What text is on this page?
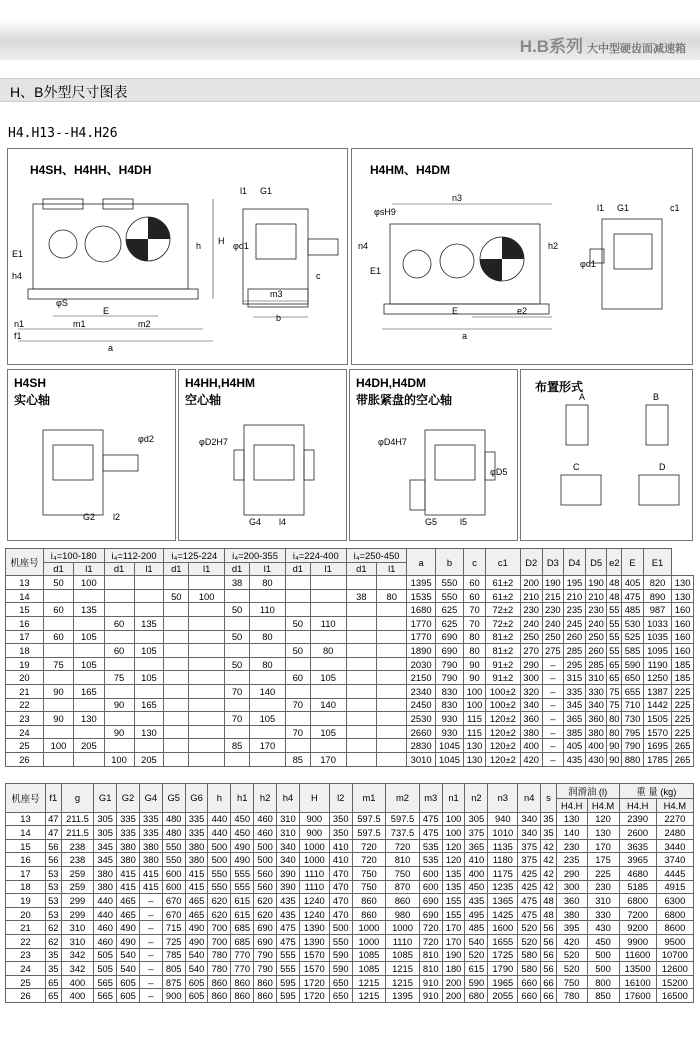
H.B系列 大中型硬齿面减速箱
H、B外型尺寸图表
H4.H13--H4.H26
H4SH、H4HH、H4DH
l1 G1
H
h
E1
h4
φS
φd1
c
m3
b
n1
f1
m1	m2
E
a
H4HM、H4DM
n3
φsH9
n4	h2
E1
φd1
a
E	e2
l1 G1	c1
H4SH
实心轴
φd2
G2 l2
H4HH,H4HM
空心轴
φD2H7
G4 l4
H4DH,H4DM
带胀紧盘的空心轴
φD4H7
φD5
G5	l5
布置形式
A	B
C	D
机座号	i₄=100-180		i₄=112-200		i₄=125-224		i₄=200-355		i₄=224-400		i₄=250-450		a	b	c	c1	D2	D3	D4	D5	e2	E	E1	
	d1	l1	d1	l1	d1	l1	d1	l1	d1	l1	d1	l1												
13	50	100					38	80					1395	550	60	61±2	200	190	195	190	48	405	820	130
14					50	100					38	80	1535	550	60	61±2	210	215	210	210	48	475	890	130
15	60	135					50	110					1680	625	70	72±2	230	230	235	230	55	485	987	160
16			60	135					50	110			1770	625	70	72±2	240	240	245	240	55	530	1033	160
17	60	105					50	80					1770	690	80	81±2	250	250	260	250	55	525	1035	160
18			60	105					50	80			1890	690	80	81±2	270	275	285	260	55	585	1095	160
19	75	105					50	80					2030	790	90	91±2	290	–	295	285	65	590	1190	185
20			75	105					60	105			2150	790	90	91±2	300	–	315	310	65	650	1250	185
21	90	165					70	140					2340	830	100	100±2	320	–	335	330	75	655	1387	225
22			90	165					70	140			2450	830	100	100±2	340	–	345	340	75	710	1442	225
23	90	130					70	105					2530	930	115	120±2	360	–	365	360	80	730	1505	225
24			90	130					70	105			2660	930	115	120±2	380	–	385	380	80	795	1570	225
25	100	205					85	170					2830	1045	130	120±2	400	–	405	400	90	790	1695	265
26			100	205					85	170			3010	1045	130	120±2	420	–	435	430	90	880	1785	265
机座号	f1	g	G1	G2	G4	G5	G6	h	h1	h2	h4	H	l2	m1	m2	m3	n1	n2	n3	n4	s	润滑油 (l)		重 量 (kg)	
																						H4.H	H4.M	H4.H	H4.M
13	47	211.5	305	335	335	480	335	440	450	460	310	900	350	597.5	597.5	475	100	305	940	340	35	130	120	2390	2270
14	47	211.5	305	335	335	480	335	440	450	460	310	900	350	597.5	737.5	475	100	375	1010	340	35	140	130	2600	2480
15	56	238	345	380	380	550	380	500	490	500	340	1000	410	720	720	535	120	365	1135	375	42	230	170	3635	3440
16	56	238	345	380	380	550	380	500	490	500	340	1000	410	720	810	535	120	410	1180	375	42	235	175	3965	3740
17	53	259	380	415	415	600	415	550	555	560	390	1110	470	750	750	600	135	400	1175	425	42	290	225	4680	4445
18	53	259	380	415	415	600	415	550	555	560	390	1110	470	750	870	600	135	450	1235	425	42	300	230	5185	4915
19	53	299	440	465	–	670	465	620	615	620	435	1240	470	860	860	690	155	435	1365	475	48	360	310	6800	6300
20	53	299	440	465	–	670	465	620	615	620	435	1240	470	860	980	690	155	495	1425	475	48	380	330	7200	6800
21	62	310	460	490	–	715	490	700	685	690	475	1390	500	1000	1000	720	170	485	1600	520	56	395	430	9200	8600
22	62	310	460	490	–	725	490	700	685	690	475	1390	550	1000	1110	720	170	540	1655	520	56	420	450	9900	9500
23	35	342	505	540	–	785	540	780	770	790	555	1570	590	1085	1085	810	190	520	1725	580	56	520	500	11600	10700
24	35	342	505	540	–	805	540	780	770	790	555	1570	590	1085	1215	810	180	615	1790	580	56	520	500	13500	12600
25	65	400	565	605	–	875	605	860	860	860	595	1720	650	1215	1215	910	200	590	1965	660	66	750	800	16100	15200
26	65	400	565	605	–	900	605	860	860	860	595	1720	650	1215	1395	910	200	680	2055	660	66	780	850	17600	16500
